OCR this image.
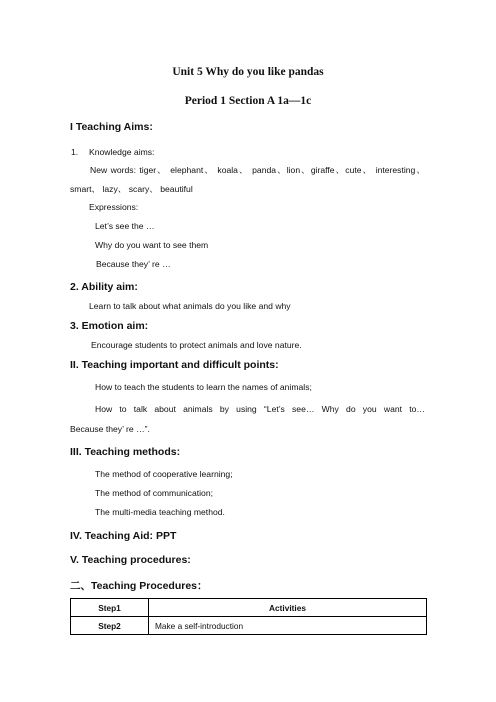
Unit 5 Why do you like pandas
Period 1 Section A 1a—1c
I Teaching Aims:
1. Knowledge aims:
New words: tiger、 elephant、 koala、 panda、lion、giraffe、cute、 interesting、
smart、 lazy、 scary、 beautiful
Expressions:
Let’s see the …
Why do you want to see them
Because they’ re …
2. Ability aim:
Learn to talk about what animals do you like and why
3. Emotion aim:
Encourage students to protect animals and love nature.
II. Teaching important and difficult points:
How to teach the students to learn the names of animals;
How to talk about animals by using “Let’s see… Why do you want to…
Because they’ re …”.
III. Teaching methods:
The method of cooperative learning;
The method of communication;
The multi-media teaching method.
IV. Teaching Aid: PPT
V. Teaching procedures:
二、Teaching Procedures：
Step1	Activities
Step2	Make a self-introduction
